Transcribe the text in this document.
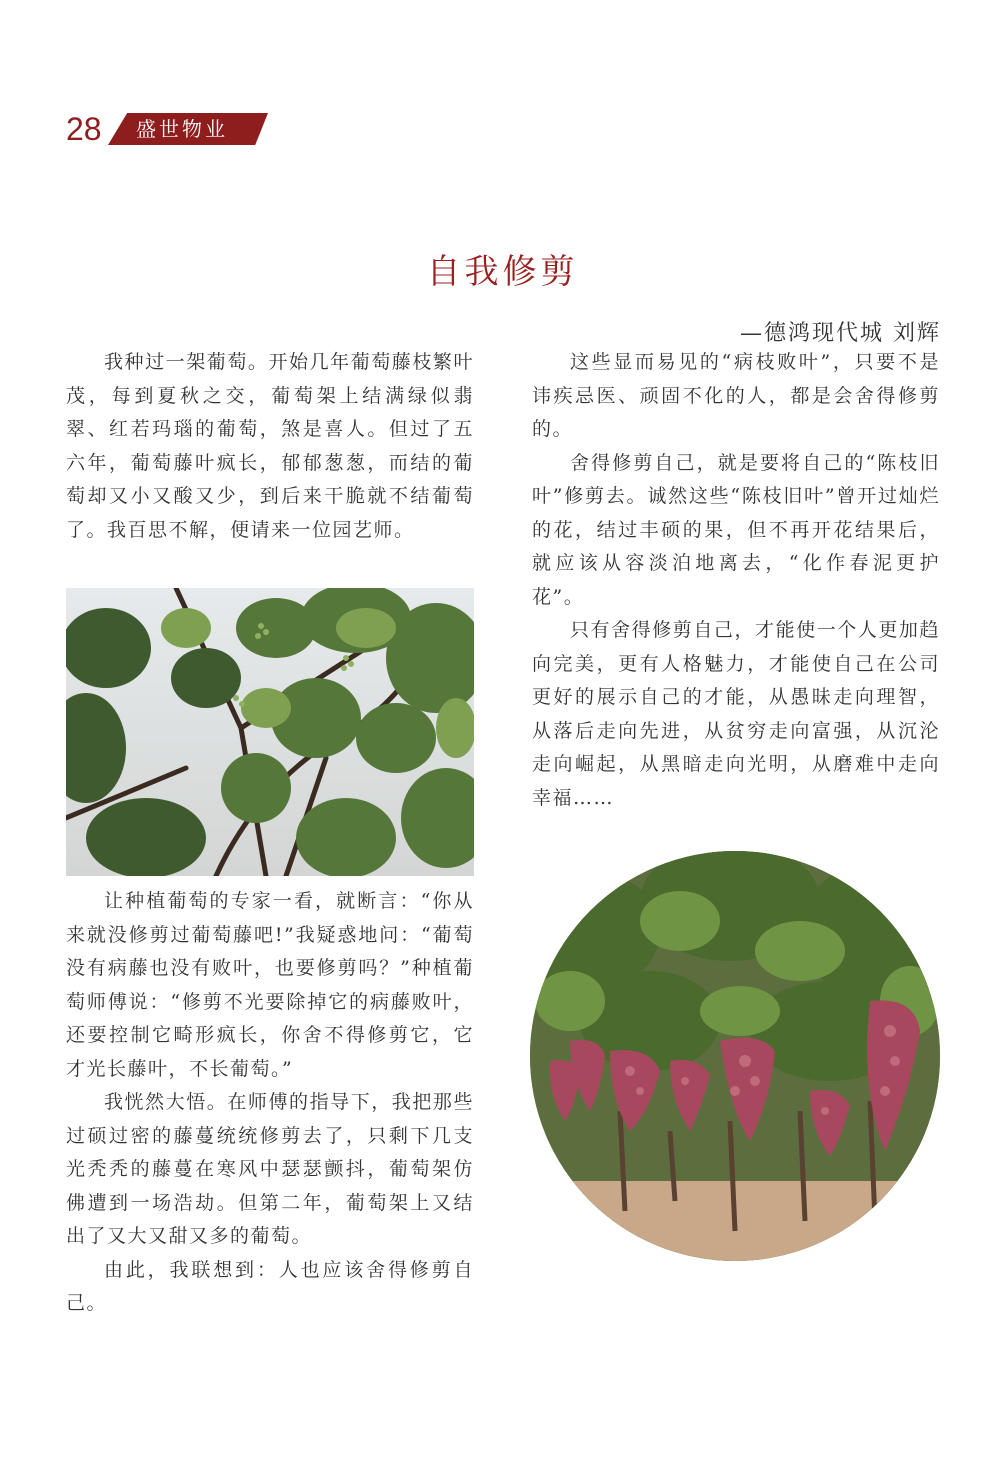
28 盛世物业
自我修剪
—德鸿现代城 刘辉

我种过一架葡萄。开始几年葡萄藤枝繁叶茂，每到夏秋之交，葡萄架上结满绿似翡翠、红若玛瑙的葡萄，煞是喜人。但过了五六年，葡萄藤叶疯长，郁郁葱葱，而结的葡萄却又小又酸又少，到后来干脆就不结葡萄了。我百思不解，便请来一位园艺师。

让种植葡萄的专家一看，就断言：“你从来就没修剪过葡萄藤吧!”我疑惑地问：“葡萄没有病藤也没有败叶，也要修剪吗？”种植葡萄师傅说：“修剪不光要除掉它的病藤败叶，还要控制它畸形疯长，你舍不得修剪它，它才光长藤叶，不长葡萄。”

我恍然大悟。在师傅的指导下，我把那些过硕过密的藤蔓统统修剪去了，只剩下几支光秃秃的藤蔓在寒风中瑟瑟颤抖，葡萄架仿佛遭到一场浩劫。但第二年，葡萄架上又结出了又大又甜又多的葡萄。

由此，我联想到：人也应该舍得修剪自己。

这些显而易见的“病枝败叶”，只要不是讳疾忌医、顽固不化的人，都是会舍得修剪的。

舍得修剪自己，就是要将自己的“陈枝旧叶”修剪去。诚然这些“陈枝旧叶”曾开过灿烂的花，结过丰硕的果，但不再开花结果后，就应该从容淡泊地离去，“化作春泥更护花”。

只有舍得修剪自己，才能使一个人更加趋向完美，更有人格魅力，才能使自己在公司更好的展示自己的才能，从愚昧走向理智，从落后走向先进，从贫穷走向富强，从沉沦走向崛起，从黑暗走向光明，从磨难中走向幸福……
